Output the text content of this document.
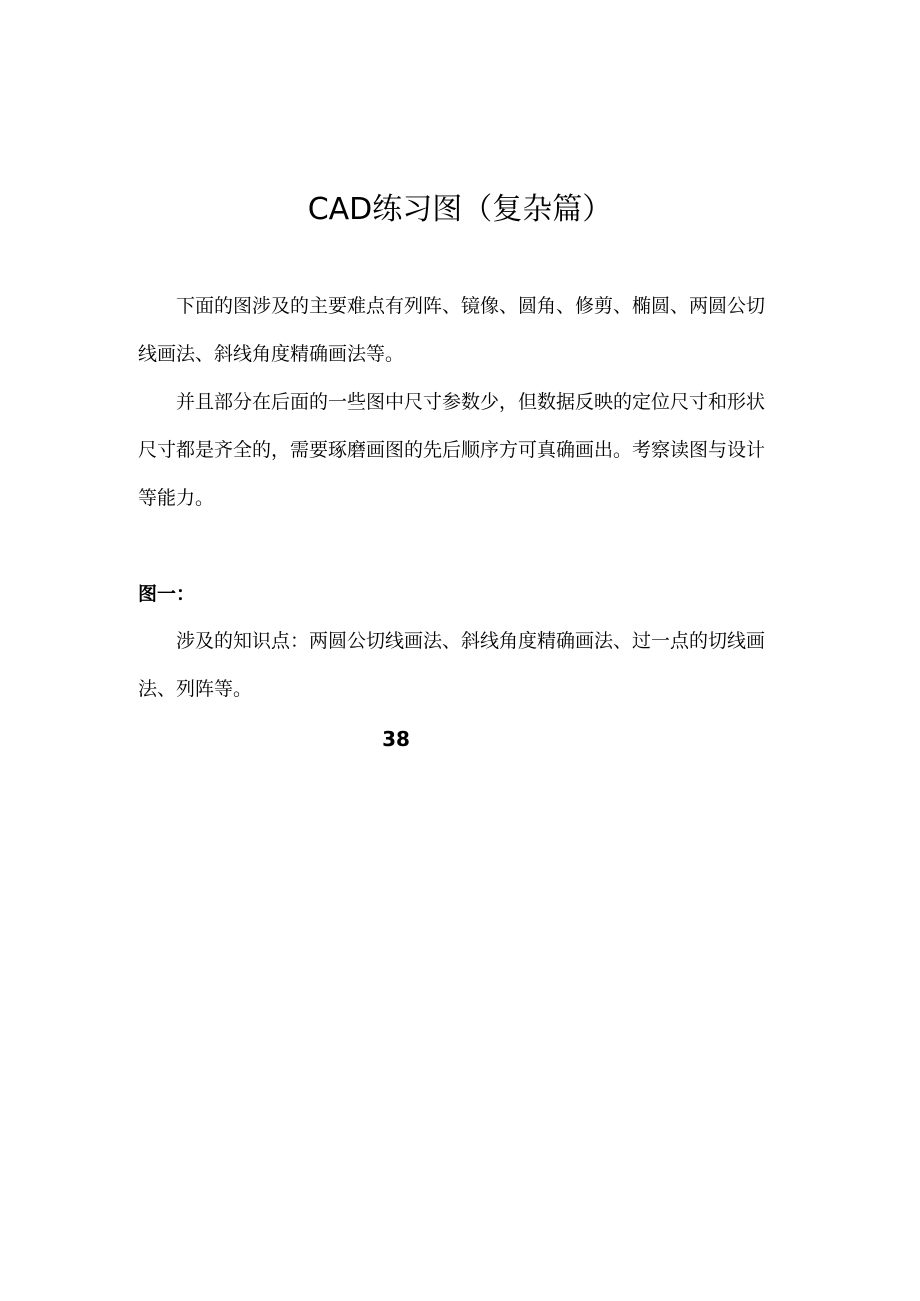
CAD练习图（复杂篇）

下面的图涉及的主要难点有列阵、镜像、圆角、修剪、椭圆、两圆公切线画法、斜线角度精确画法等。

并且部分在后面的一些图中尺寸参数少，但数据反映的定位尺寸和形状尺寸都是齐全的，需要琢磨画图的先后顺序方可真确画出。考察读图与设计等能力。

图一：

涉及的知识点：两圆公切线画法、斜线角度精确画法、过一点的切线画法、列阵等。

38
